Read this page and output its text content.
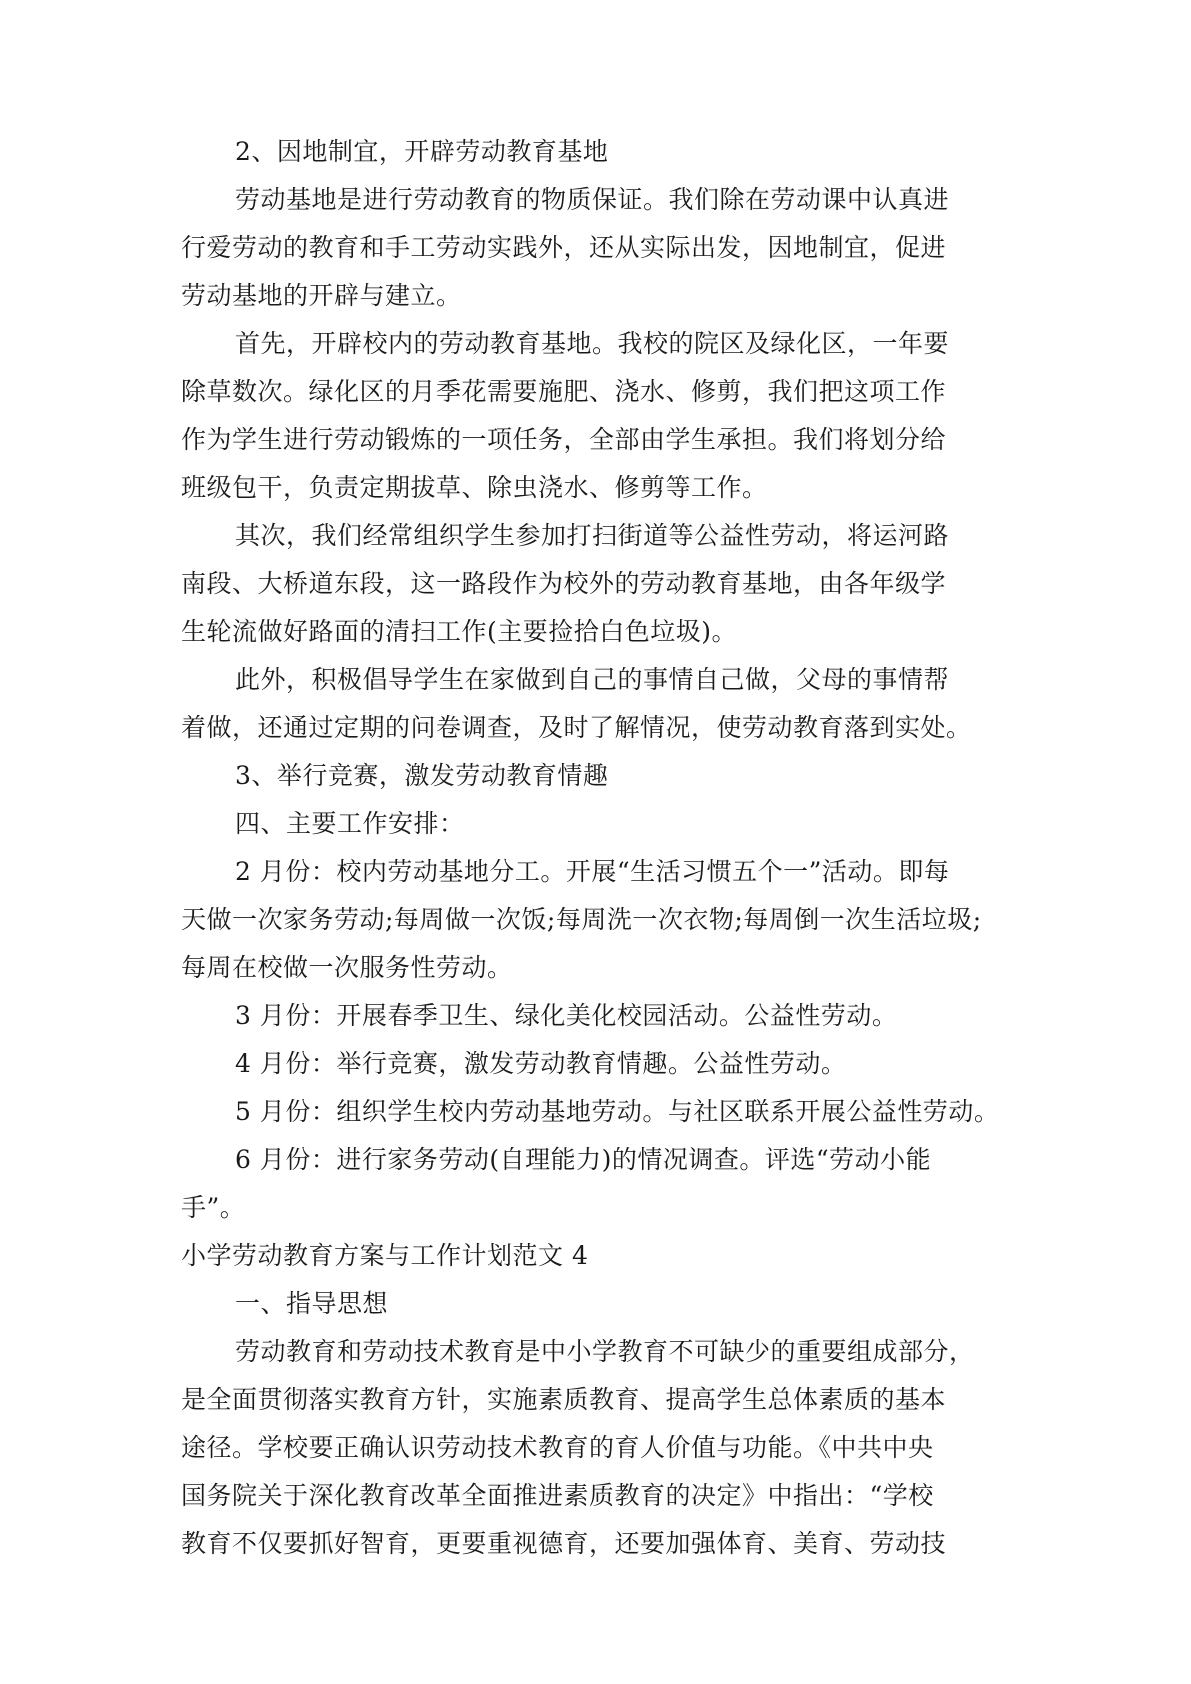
2、因地制宜，开辟劳动教育基地
劳动基地是进行劳动教育的物质保证。我们除在劳动课中认真进
行爱劳动的教育和手工劳动实践外，还从实际出发，因地制宜，促进
劳动基地的开辟与建立。
首先，开辟校内的劳动教育基地。我校的院区及绿化区，一年要
除草数次。绿化区的月季花需要施肥、浇水、修剪，我们把这项工作
作为学生进行劳动锻炼的一项任务，全部由学生承担。我们将划分给
班级包干，负责定期拔草、除虫浇水、修剪等工作。
其次，我们经常组织学生参加打扫街道等公益性劳动，将运河路
南段、大桥道东段，这一路段作为校外的劳动教育基地，由各年级学
生轮流做好路面的清扫工作(主要捡拾白色垃圾)。
此外，积极倡导学生在家做到自己的事情自己做，父母的事情帮
着做，还通过定期的问卷调查，及时了解情况，使劳动教育落到实处。
3、举行竞赛，激发劳动教育情趣
四、主要工作安排：
2 月份：校内劳动基地分工。开展“生活习惯五个一”活动。即每
天做一次家务劳动;每周做一次饭;每周洗一次衣物;每周倒一次生活垃圾;
每周在校做一次服务性劳动。
3 月份：开展春季卫生、绿化美化校园活动。公益性劳动。
4 月份：举行竞赛，激发劳动教育情趣。公益性劳动。
5 月份：组织学生校内劳动基地劳动。与社区联系开展公益性劳动。
6 月份：进行家务劳动(自理能力)的情况调查。评选“劳动小能
手”。
小学劳动教育方案与工作计划范文 4
一、指导思想
劳动教育和劳动技术教育是中小学教育不可缺少的重要组成部分，
是全面贯彻落实教育方针，实施素质教育、提高学生总体素质的基本
途径。学校要正确认识劳动技术教育的育人价值与功能。《中共中央
国务院关于深化教育改革全面推进素质教育的决定》中指出：“学校
教育不仅要抓好智育，更要重视德育，还要加强体育、美育、劳动技
